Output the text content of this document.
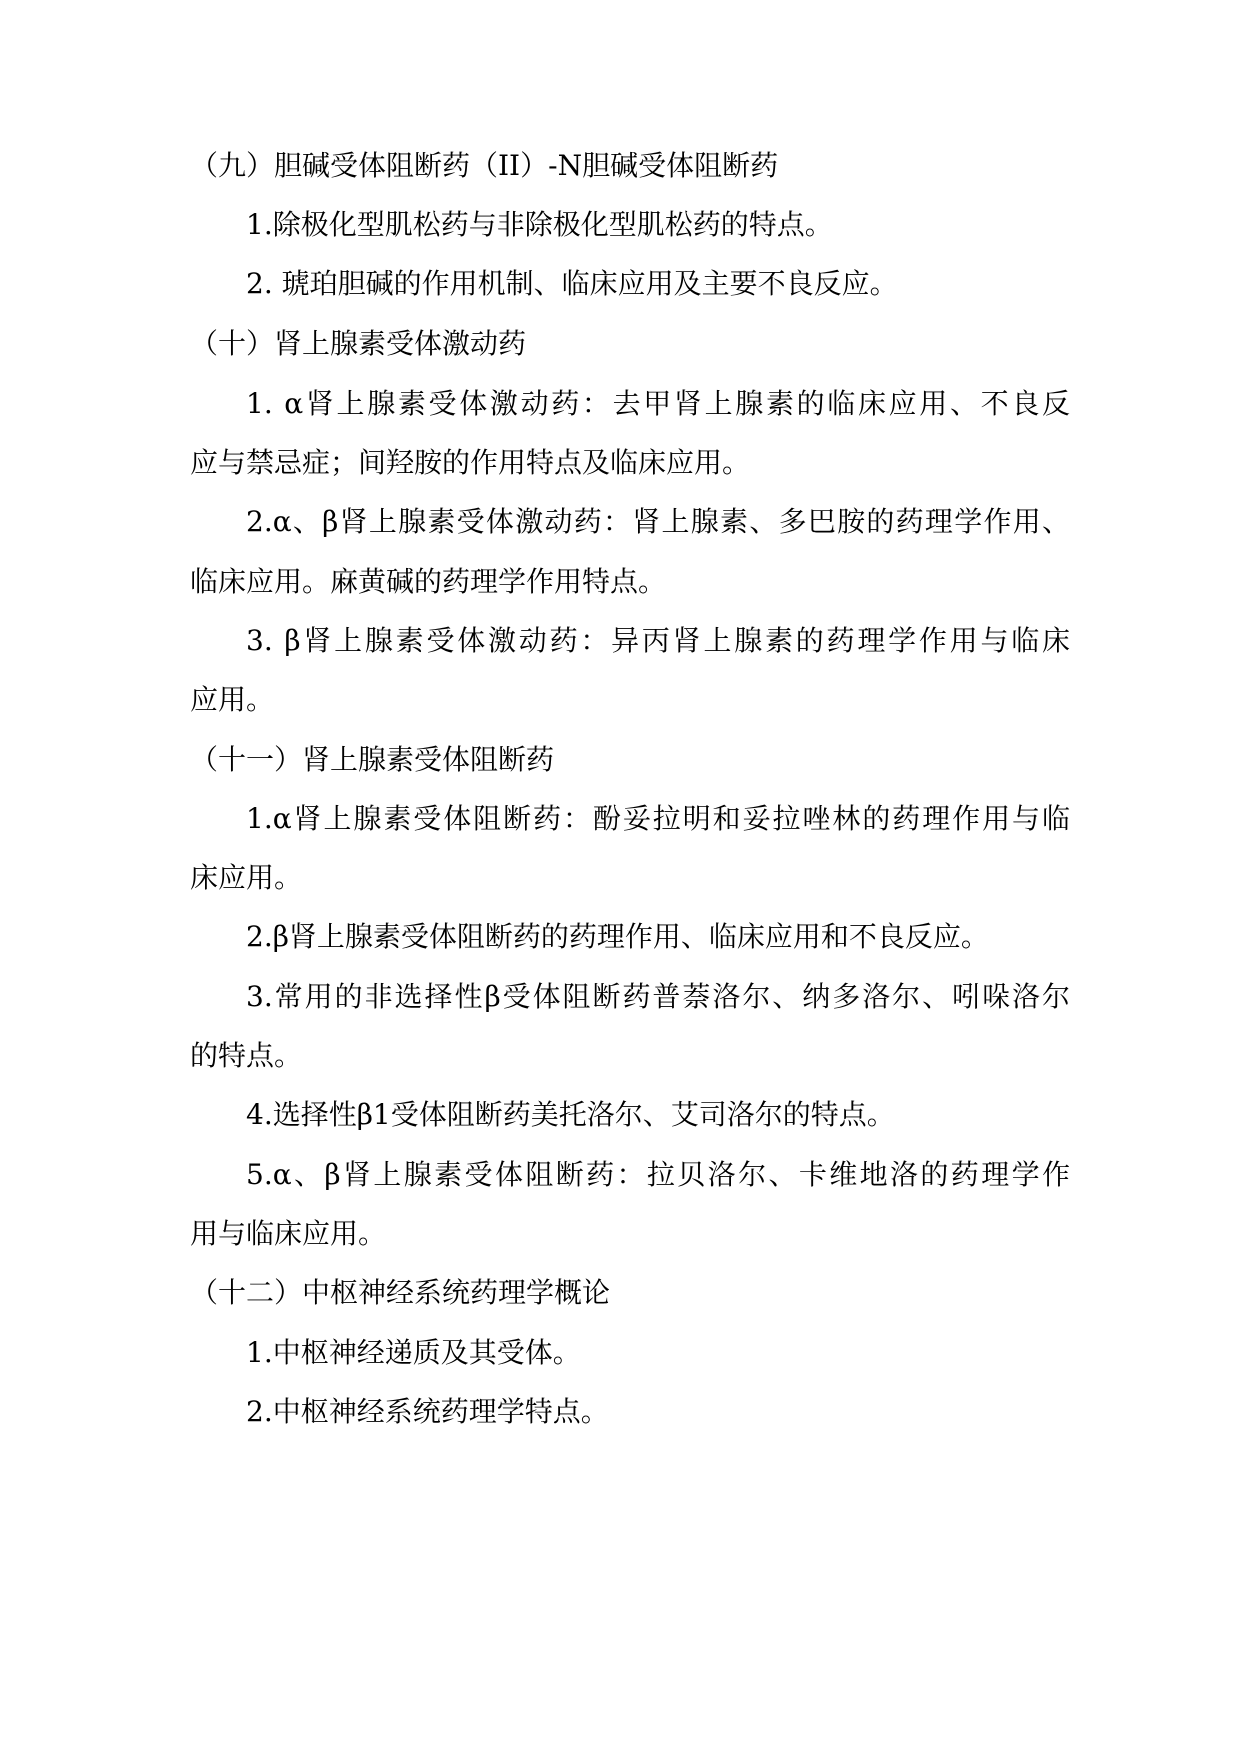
（九）胆碱受体阻断药（II）-N胆碱受体阻断药
1.除极化型肌松药与非除极化型肌松药的特点。
2. 琥珀胆碱的作用机制、临床应用及主要不良反应。
（十）肾上腺素受体激动药
1. α肾上腺素受体激动药：去甲肾上腺素的临床应用、不良反
应与禁忌症；间羟胺的作用特点及临床应用。
2.α、β肾上腺素受体激动药：肾上腺素、多巴胺的药理学作用、
临床应用。麻黄碱的药理学作用特点。
3. β肾上腺素受体激动药：异丙肾上腺素的药理学作用与临床
应用。
（十一）肾上腺素受体阻断药
1.α肾上腺素受体阻断药：酚妥拉明和妥拉唑林的药理作用与临
床应用。
2.β肾上腺素受体阻断药的药理作用、临床应用和不良反应。
3.常用的非选择性β受体阻断药普萘洛尔、纳多洛尔、吲哚洛尔
的特点。
4.选择性β1受体阻断药美托洛尔、艾司洛尔的特点。
5.α、β肾上腺素受体阻断药：拉贝洛尔、卡维地洛的药理学作
用与临床应用。
（十二）中枢神经系统药理学概论
1.中枢神经递质及其受体。
2.中枢神经系统药理学特点。
